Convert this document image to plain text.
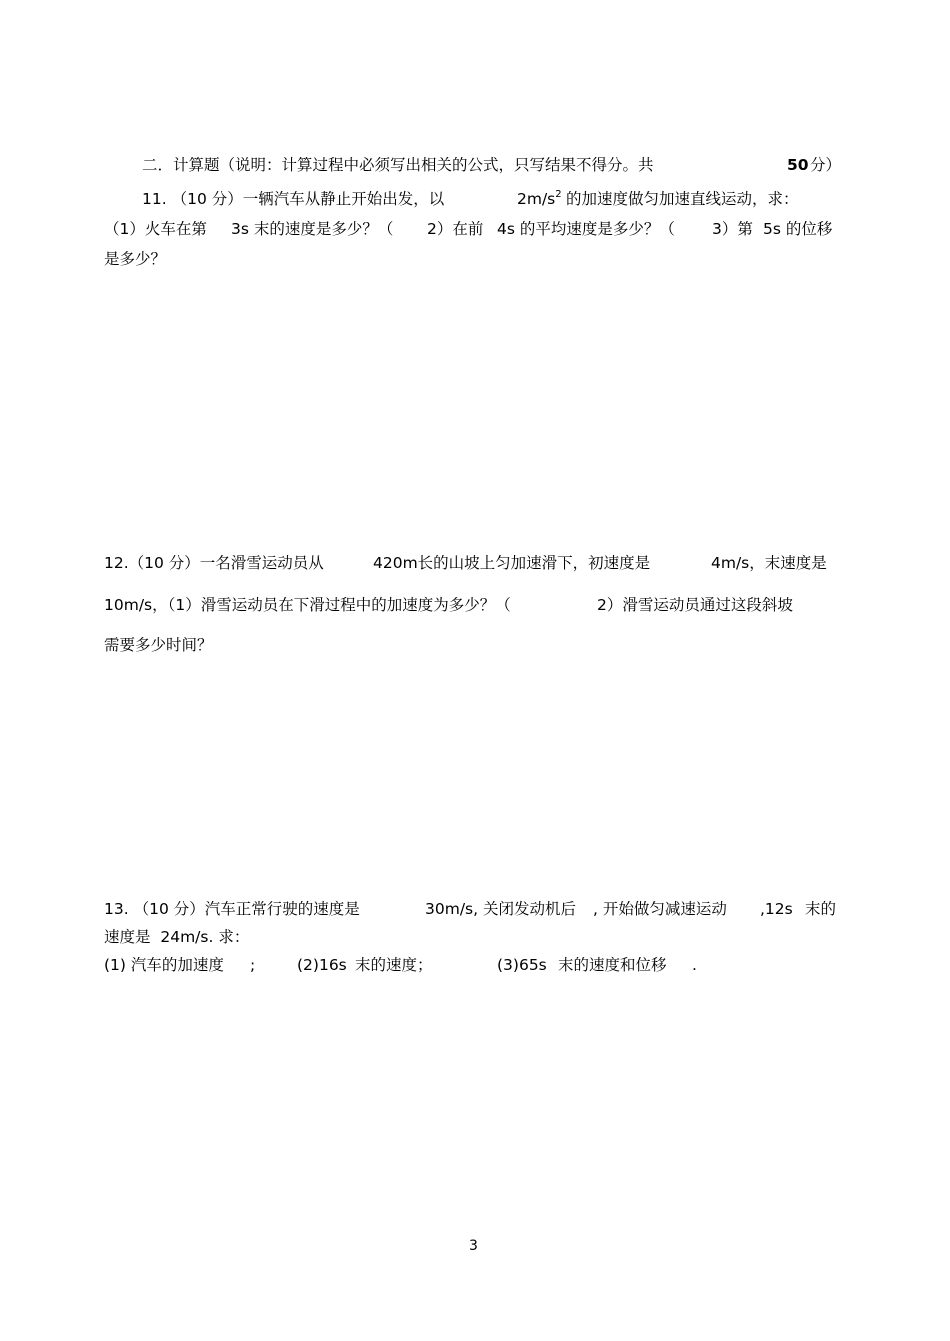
二．计算题（说明：计算过程中必须写出相关的公式，只写结果不得分。共	50 分）
11. （10 分）一辆汽车从静止开始出发，以	$2m/s^2$ 的加速度做匀加速直线运动，求：
（1）火车在第 3s 末的速度是多少？（ 2）在前 4s 的平均速度是多少？（ 3）第 5s 的位移
是多少？
12.（10 分）一名滑雪运动员从	420m长的山坡上匀加速滑下，初速度是	4m/s，末速度是
10m/s，（1）滑雪运动员在下滑过程中的加速度为多少？（	2）滑雪运动员通过这段斜坡
需要多少时间？
13. （10 分）汽车正常行驶的速度是	30m/s, 关闭发动机后 , 开始做匀减速运动 ,12s 末的
速度是  24m/s. 求：
(1) 汽车的加速度 ;	(2)16s 末的速度；	(3)65s 末的速度和位移 .
3
